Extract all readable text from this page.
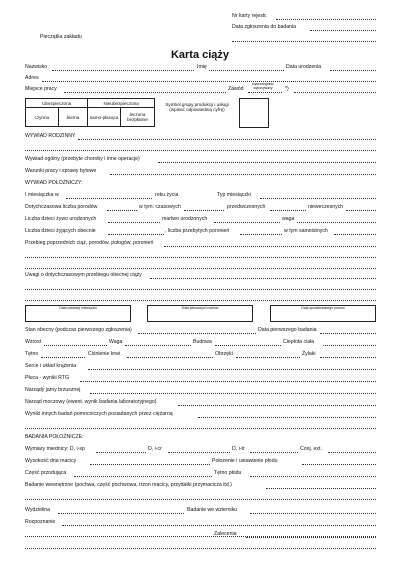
Nr karty rejestr.
Data zgłoszenia do badania
Pieczątka zakładu
Karta ciąży
Nazwisko	Imię	Data urodzenia
Adres
Miejsce pracy	Zawód
wyszczególnić wykonywany	*)
Ubezpieczona		Nieubezpieczona	
czynna	bierna	samo-płacąca	leczona bezpłatnie
Symbol grupy produkcji i usługi (wpisać odpowiednią cyfrę)
WYWIAD RODZINNY
Wywiad ogólny (przebyte choroby i inne operacje)
Warunki pracy i sprawy bytowe
WYWIAD POŁOŻNICZY:
I miesiączka w	roku życia	Typ miesiączki
Dotychczasowa liczba porodów	w tym: czasowych	przedwczesnych	nieweczesnych
Liczba dzieci żywo urodzonych	martwo urodzonych	waga
Liczba dzieci żyjących obecnie	, liczba przebytych poronień	w tym samoistnych
Przebieg poprzednich ciąż, porodów, połogów, poronień
Uwagi o dotychczasowym przebiegu obecnej ciąży
Data ostatniej miesiączki	Data pierwszych ruchów	Data spodziewanego porodu
Stan obecny (podczas pierwszego zgłoszenia)	Data pierwszego badania
Wzrost	Waga	Budowa	Ciepłota ciała
Tętno	Ciśnienie krwi	Obrzęki	Żylaki
Serce i układ krążenia
Płuca - wyniki RTG
Narządy jamy brzusznej
Narząd moczowy (ewent. wynik badania laboratoryjnego)
Wyniki innych badań pomocniczych posiadanych przez ciężarną
BADANIA POŁOŻNICZE:
Wymiary miednicy: D, i-sp	D, i-cr	D, i-tr	Conj. ext.
Wysokość dna macicy	Położenie i ustawienie płodu
Część przodująca	Tętno płodu
Badanie wewnętrzne (pochwa, część pochwowa, trzon macicy, przydatki przymacicza itd.)
Wydzielina	Badanie we wzierniku
Rozpoznanie
Zalecenia
